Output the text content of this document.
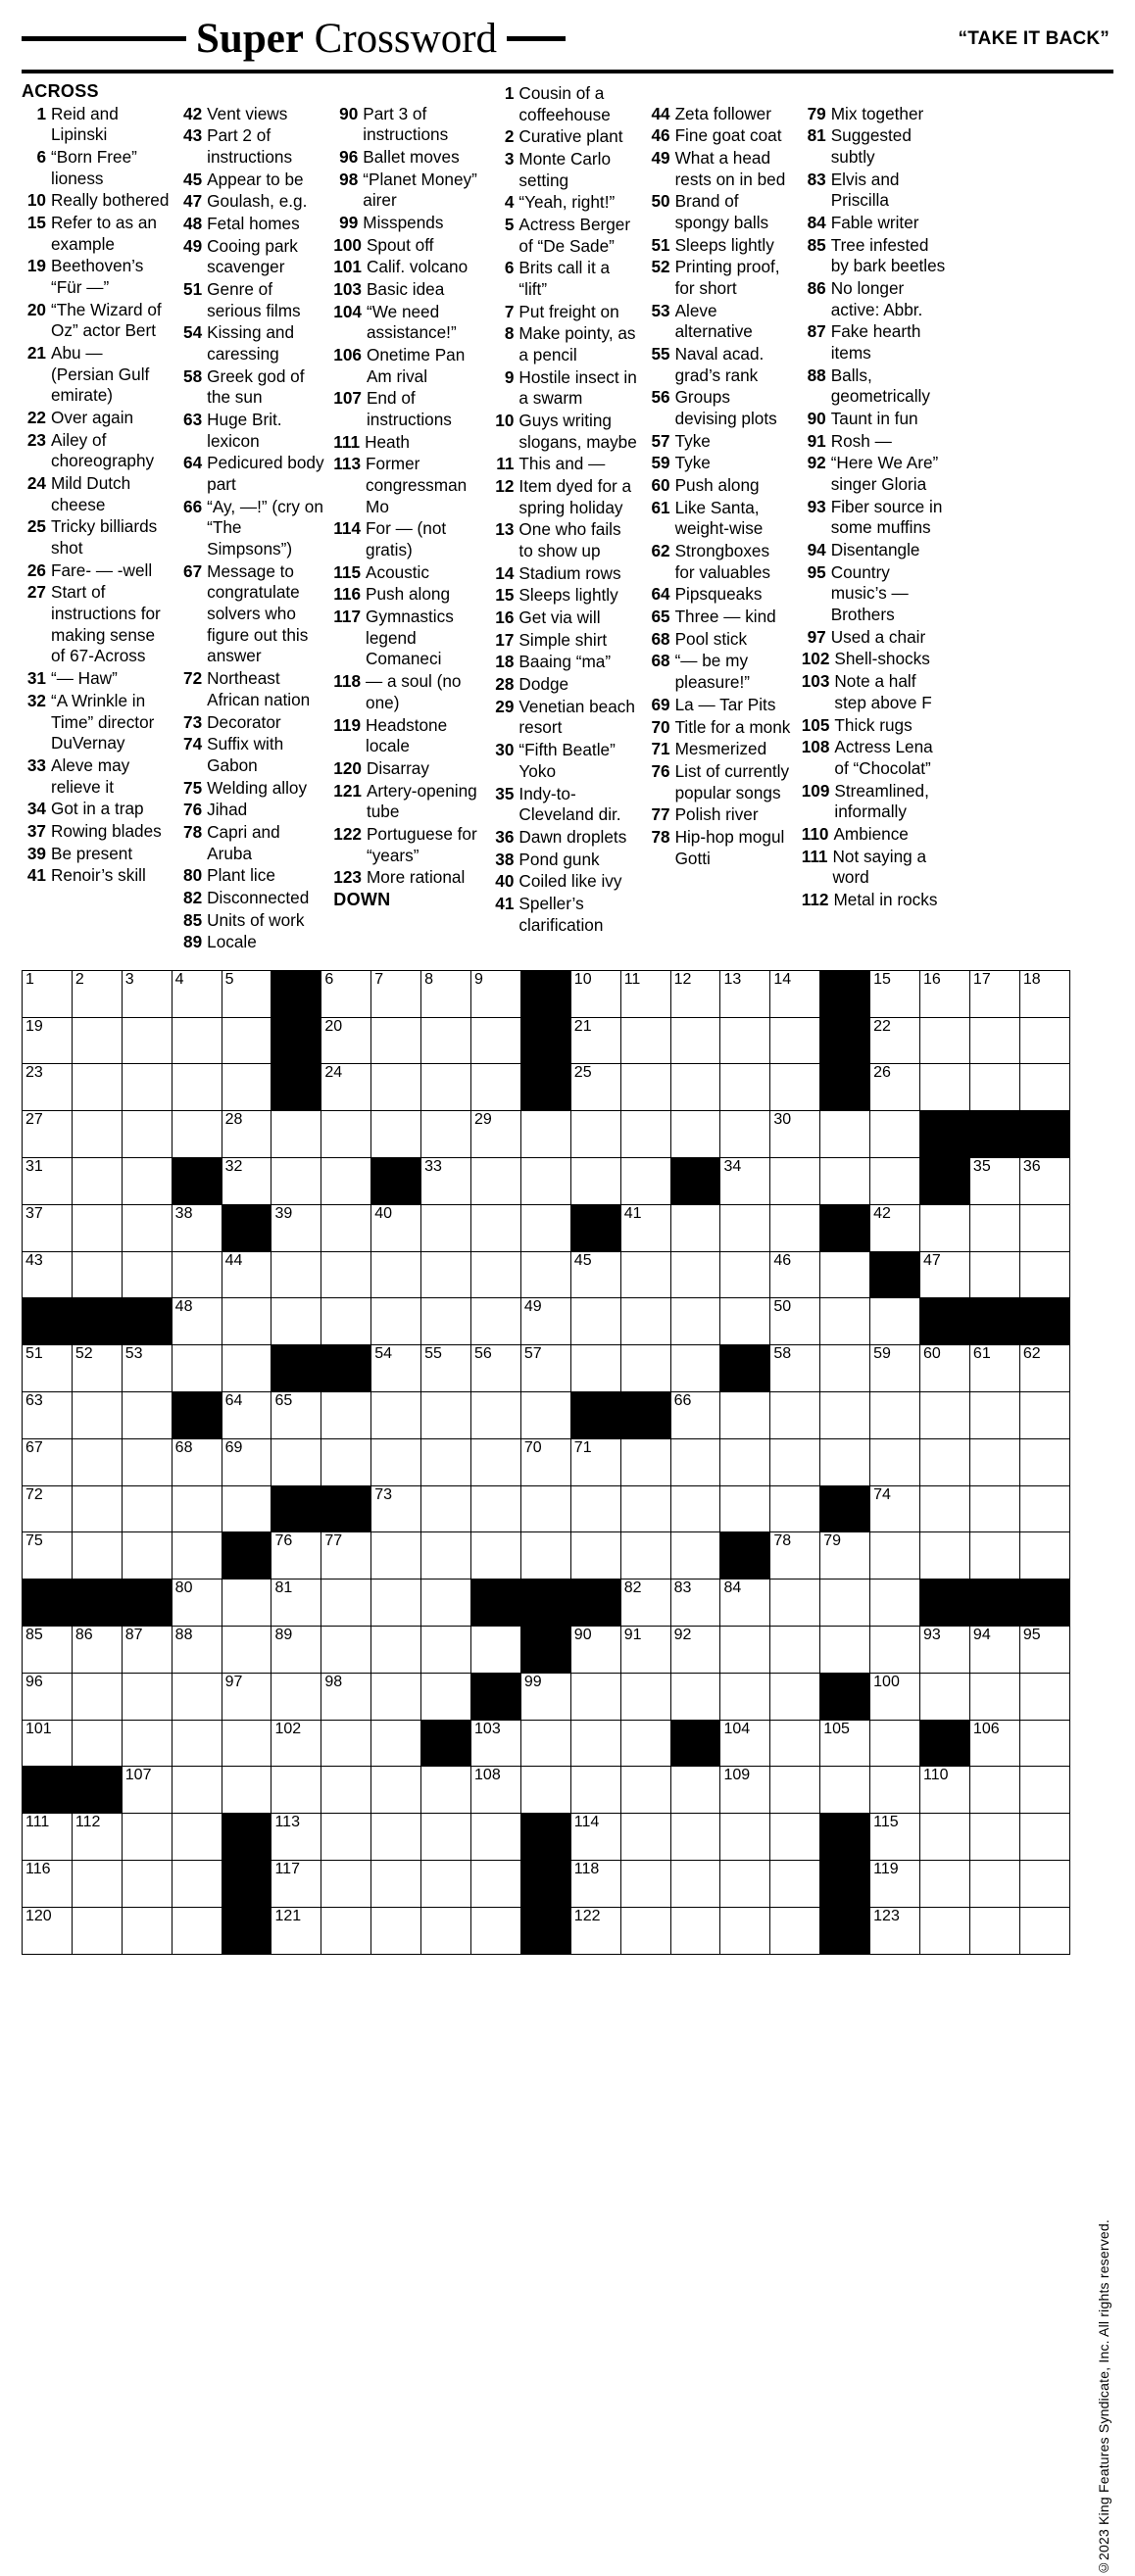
Super Crossword	“TAKE IT BACK”
ACROSS
1 Reid and Lipinski
6 “Born Free” lioness
10 Really bothered
15 Refer to as an example
19 Beethoven’s “Für —”
20 “The Wizard of Oz” actor Bert
21 Abu — (Persian Gulf emirate)
22 Over again
23 Ailey of choreography
24 Mild Dutch cheese
25 Tricky billiards shot
26 Fare- — -well
27 Start of instructions for making sense of 67-Across
31 “— Haw”
32 “A Wrinkle in Time” director DuVernay
33 Aleve may relieve it
34 Got in a trap
37 Rowing blades
39 Be present
41 Renoir’s skill

42 Vent views
43 Part 2 of instructions
45 Appear to be
47 Goulash, e.g.
48 Fetal homes
49 Cooing park scavenger
51 Genre of serious films
54 Kissing and caressing
58 Greek god of the sun
63 Huge Brit. lexicon
64 Pedicured body part
66 “Ay, —!” (cry on “The Simpsons”)
67 Message to congratulate solvers who figure out this answer
72 Northeast African nation
73 Decorator
74 Suffix with Gabon
75 Welding alloy
76 Jihad
78 Capri and Aruba
80 Plant lice
82 Disconnected
85 Units of work
89 Locale

90 Part 3 of instructions
96 Ballet moves
98 “Planet Money” airer
99 Misspends
100 Spout off
101 Calif. volcano
103 Basic idea
104 “We need assistance!”
106 Onetime Pan Am rival
107 End of instructions
111 Heath
113 Former congressman Mo
114 For — (not gratis)
115 Acoustic
116 Push along
117 Gymnastics legend Comaneci
118 — a soul (no one)
119 Headstone locale
120 Disarray
121 Artery-opening tube
122 Portuguese for “years”
123 More rational
DOWN
1 Cousin of a coffeehouse
2 Curative plant
3 Monte Carlo setting
4 “Yeah, right!”
5 Actress Berger of “De Sade”
6 Brits call it a “lift”
7 Put freight on
8 Make pointy, as a pencil
9 Hostile insect in a swarm
10 Guys writing slogans, maybe
11 This and —
12 Item dyed for a spring holiday
13 One who fails to show up
14 Stadium rows
15 Sleeps lightly
16 Get via will
17 Simple shirt
18 Baaing “ma”
28 Dodge
29 Venetian beach resort
30 “Fifth Beatle” Yoko
35 Indy-to-Cleveland dir.
36 Dawn droplets
38 Pond gunk
40 Coiled like ivy
41 Speller’s clarification

44 Zeta follower
46 Fine goat coat
49 What a head rests on in bed
50 Brand of spongy balls
51 Sleeps lightly
52 Printing proof, for short
53 Aleve alternative
55 Naval acad. grad’s rank
56 Groups devising plots
57 Tyke
59 Tyke
60 Push along
61 Like Santa, weight-wise
62 Strongboxes for valuables
64 Pipsqueaks
65 Three — kind
68 Pool stick
68 “— be my pleasure!”
69 La — Tar Pits
70 Title for a monk
71 Mesmerized
76 List of currently popular songs
77 Polish river
78 Hip-hop mogul Gotti

79 Mix together
81 Suggested subtly
83 Elvis and Priscilla
84 Fable writer
85 Tree infested by bark beetles
86 No longer active: Abbr.
87 Fake hearth items
88 Balls, geometrically
90 Taunt in fun
91 Rosh —
92 “Here We Are” singer Gloria
93 Fiber source in some muffins
94 Disentangle
95 Country music’s — Brothers
97 Used a chair
102 Shell-shocks
103 Note a half step above F
105 Thick rugs
108 Actress Lena of “Chocolat”
109 Streamlined, informally
110 Ambience
111 Not saying a word
112 Metal in rocks
1	2	3	4	5		6	7	8	9		10	11	12	13	14		15	16	17	18

19						20					21						22			

23						24					25						26			

27				28					29						30					

31				32				33						34					35	36

37			38		39		40					41					42			

43				44							45				46			47		

			48							49					50					

51	52	53					54	55	56	57					58		59	60	61	62

63				64	65								66							

67			68	69						70	71									

72							73										74			

75					76	77									78	79				

			80		81							82	83	84						

85	86	87	88		89						90	91	92					93	94	95

96				97		98				99							100			

101					102				103					104		105			106	

		107							108					109				110		

111	112				113						114						115			

116					117						118						119			

120					121						122						123			

©2023 King Features Syndicate, Inc. All rights reserved.
